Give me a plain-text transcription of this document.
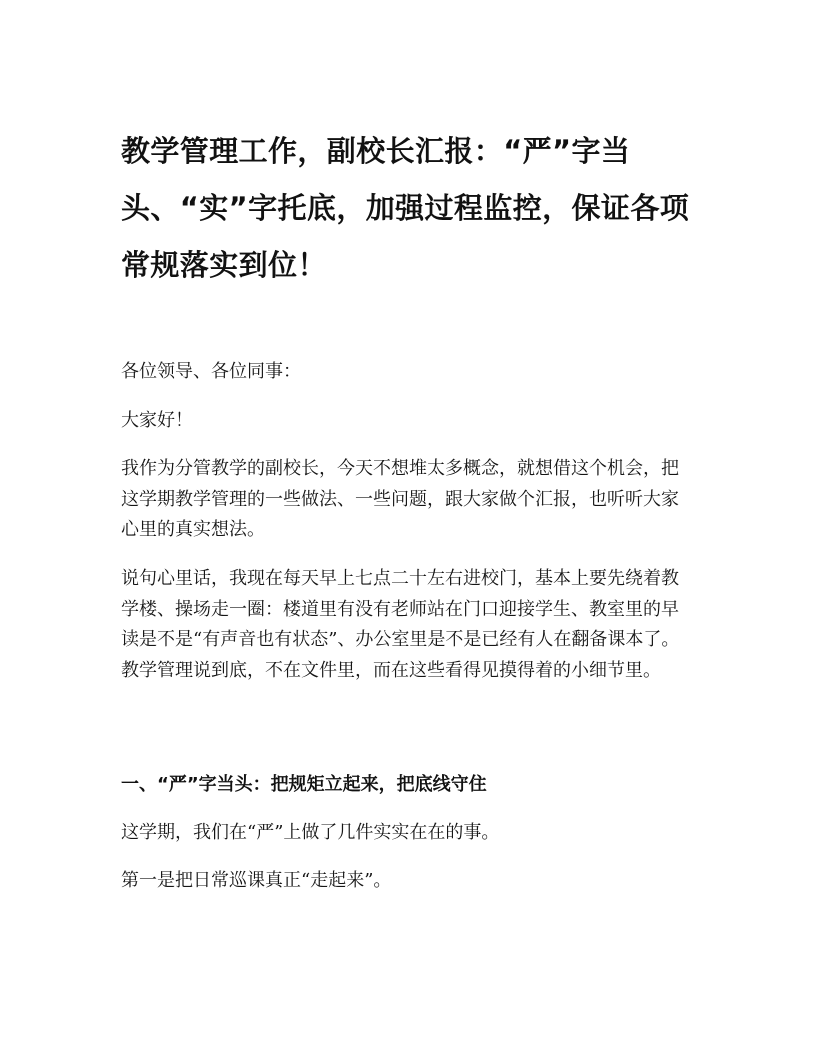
教学管理工作，副校长汇报：“严”字当头、“实”字托底，加强过程监控，保证各项常规落实到位！

各位领导、各位同事：

大家好！

我作为分管教学的副校长，今天不想堆太多概念，就想借这个机会，把这学期教学管理的一些做法、一些问题，跟大家做个汇报，也听听大家心里的真实想法。

说句心里话，我现在每天早上七点二十左右进校门，基本上要先绕着教学楼、操场走一圈：楼道里有没有老师站在门口迎接学生、教室里的早读是不是“有声音也有状态”、办公室里是不是已经有人在翻备课本了。教学管理说到底，不在文件里，而在这些看得见摸得着的小细节里。

一、“严”字当头：把规矩立起来，把底线守住

这学期，我们在“严”上做了几件实实在在的事。

第一是把日常巡课真正“走起来”。
